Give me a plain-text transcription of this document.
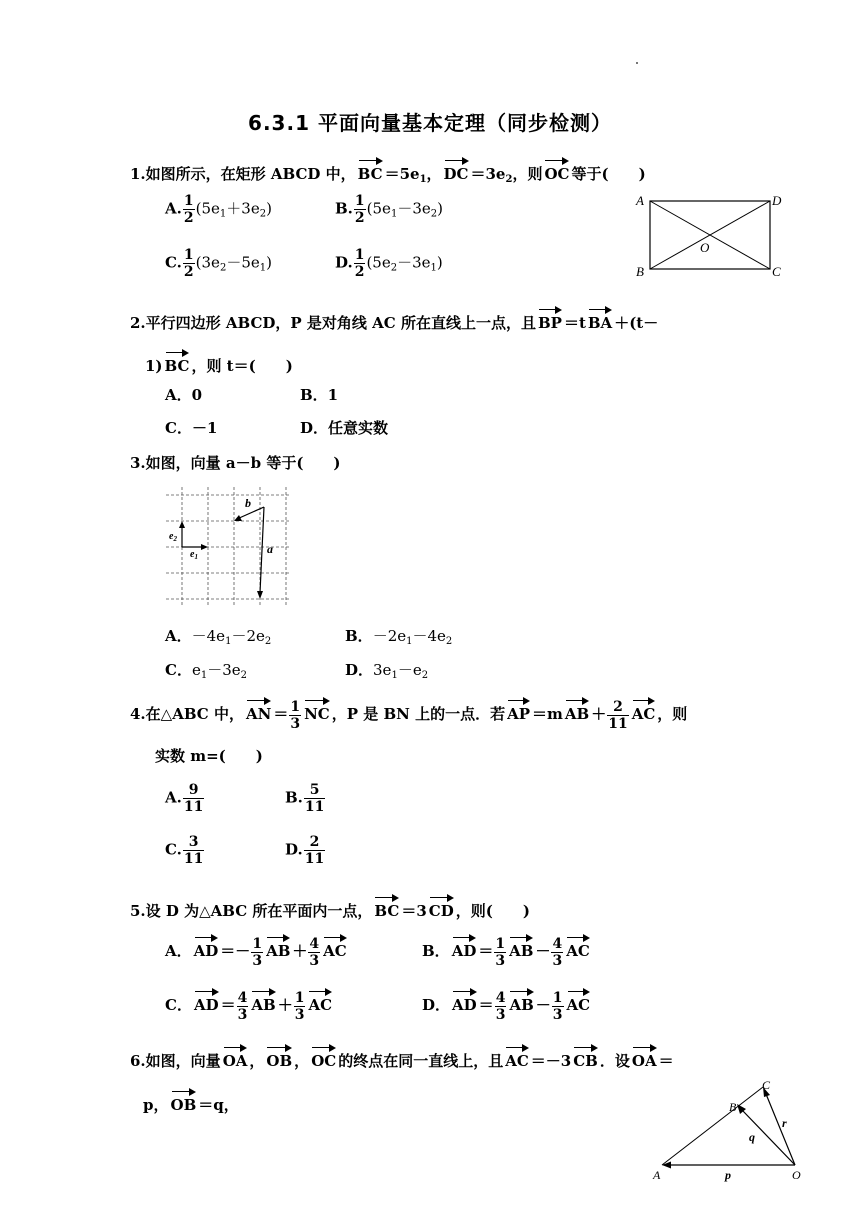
6.3.1 平面向量基本定理（同步检测）
1.如图所示，在矩形 ABCD 中， BC $=5e_1$， DC $=3e_2$，则 OC 等于(　　)
A. $\frac{1}{2} (5e_1+3e_2)$	B. $\frac{1}{2} (5e_1-3e_2)$
C. $\frac{1}{2} (3e_2-5e_1)$	D. $\frac{1}{2} (5e_2-3e_1)$
A
B	C
D
O
2.平行四边形 ABCD，P 是对角线 AC 所在直线上一点，且 BP ＝t BA ＋(t－
1) BC ，则 t＝(　　)
A．0	B．1
C．－1	D．任意实数
3.如图，向量 a－b 等于(　　)
b
a
$e_2$
$e_1$
A．$-4e_1-2e_2$	B．$-2e_1-4e_2$
C．$e_1-3e_2$	D．$3e_1-e_2$
4.在△ABC 中， AN ＝ $\frac{1}{3}$ NC ，P 是 BN 上的一点．若 AP ＝m AB ＋ $\frac{2}{11}$ AC ，则
实数 m=(　　)
A. $\frac{9}{11}$	B. $\frac{5}{11}$
C. $\frac{3}{11}$	D. $\frac{2}{11}$
5.设 D 为△ABC 所在平面内一点， BC ＝3 CD ，则(　　)
A． AD ＝－ $\frac{1}{3}$ AB ＋ $\frac{4}{3}$ AC	B． AD ＝ $\frac{1}{3}$ AB － $\frac{4}{3}$ AC
C． AD ＝ $\frac{4}{3}$ AB ＋ $\frac{1}{3}$ AC	D． AD ＝ $\frac{4}{3}$ AB － $\frac{1}{3}$ AC
6.如图，向量 OA ， OB ， OC 的终点在同一直线上，且 AC ＝－3 CB ．设 OA ＝
p， OB ＝q，
A
B
C
O
p
q
r
